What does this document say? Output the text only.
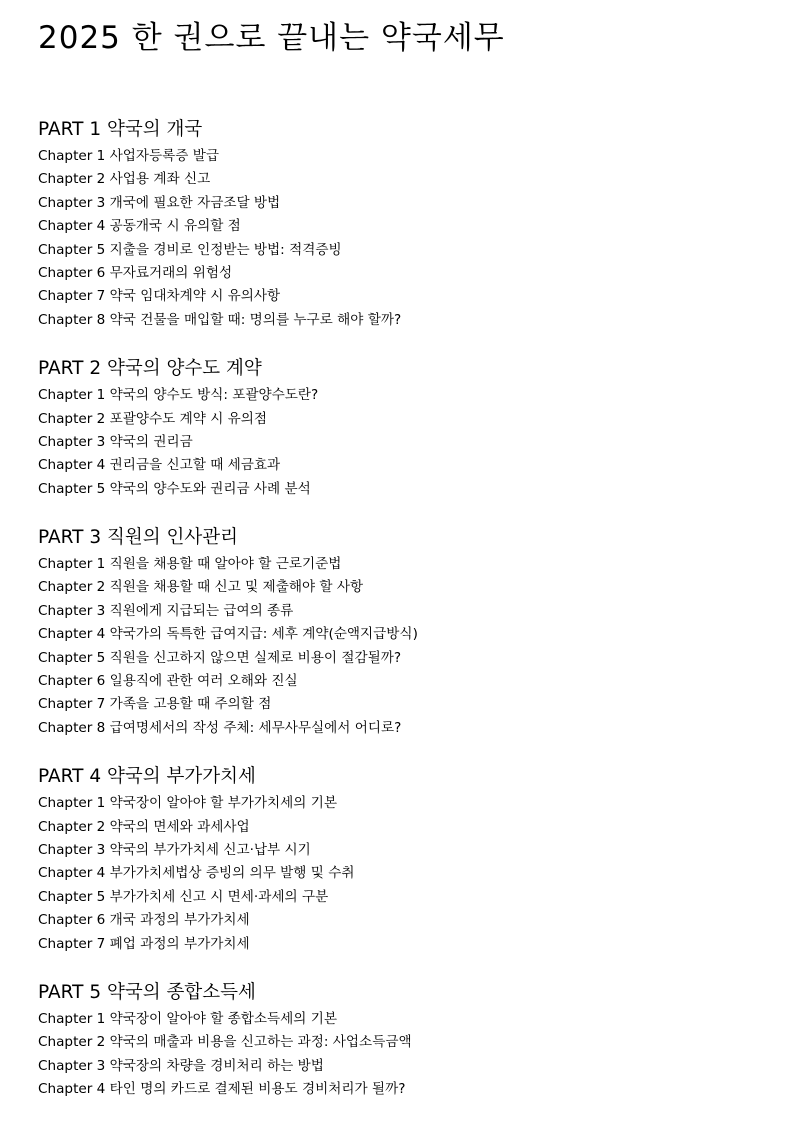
2025 한 권으로 끝내는 약국세무
PART 1 약국의 개국
Chapter 1 사업자등록증 발급
Chapter 2 사업용 계좌 신고
Chapter 3 개국에 필요한 자금조달 방법
Chapter 4 공동개국 시 유의할 점
Chapter 5 지출을 경비로 인정받는 방법: 적격증빙
Chapter 6 무자료거래의 위험성
Chapter 7 약국 임대차계약 시 유의사항
Chapter 8 약국 건물을 매입할 때: 명의를 누구로 해야 할까?
PART 2 약국의 양수도 계약
Chapter 1 약국의 양수도 방식: 포괄양수도란?
Chapter 2 포괄양수도 계약 시 유의점
Chapter 3 약국의 권리금
Chapter 4 권리금을 신고할 때 세금효과
Chapter 5 약국의 양수도와 권리금 사례 분석
PART 3 직원의 인사관리
Chapter 1 직원을 채용할 때 알아야 할 근로기준법
Chapter 2 직원을 채용할 때 신고 및 제출해야 할 사항
Chapter 3 직원에게 지급되는 급여의 종류
Chapter 4 약국가의 독특한 급여지급: 세후 계약(순액지급방식)
Chapter 5 직원을 신고하지 않으면 실제로 비용이 절감될까?
Chapter 6 일용직에 관한 여러 오해와 진실
Chapter 7 가족을 고용할 때 주의할 점
Chapter 8 급여명세서의 작성 주체: 세무사무실에서 어디로?
PART 4 약국의 부가가치세
Chapter 1 약국장이 알아야 할 부가가치세의 기본
Chapter 2 약국의 면세와 과세사업
Chapter 3 약국의 부가가치세 신고·납부 시기
Chapter 4 부가가치세법상 증빙의 의무 발행 및 수취
Chapter 5 부가가치세 신고 시 면세·과세의 구분
Chapter 6 개국 과정의 부가가치세
Chapter 7 폐업 과정의 부가가치세
PART 5 약국의 종합소득세
Chapter 1 약국장이 알아야 할 종합소득세의 기본
Chapter 2 약국의 매출과 비용을 신고하는 과정: 사업소득금액
Chapter 3 약국장의 차량을 경비처리 하는 방법
Chapter 4 타인 명의 카드로 결제된 비용도 경비처리가 될까?
